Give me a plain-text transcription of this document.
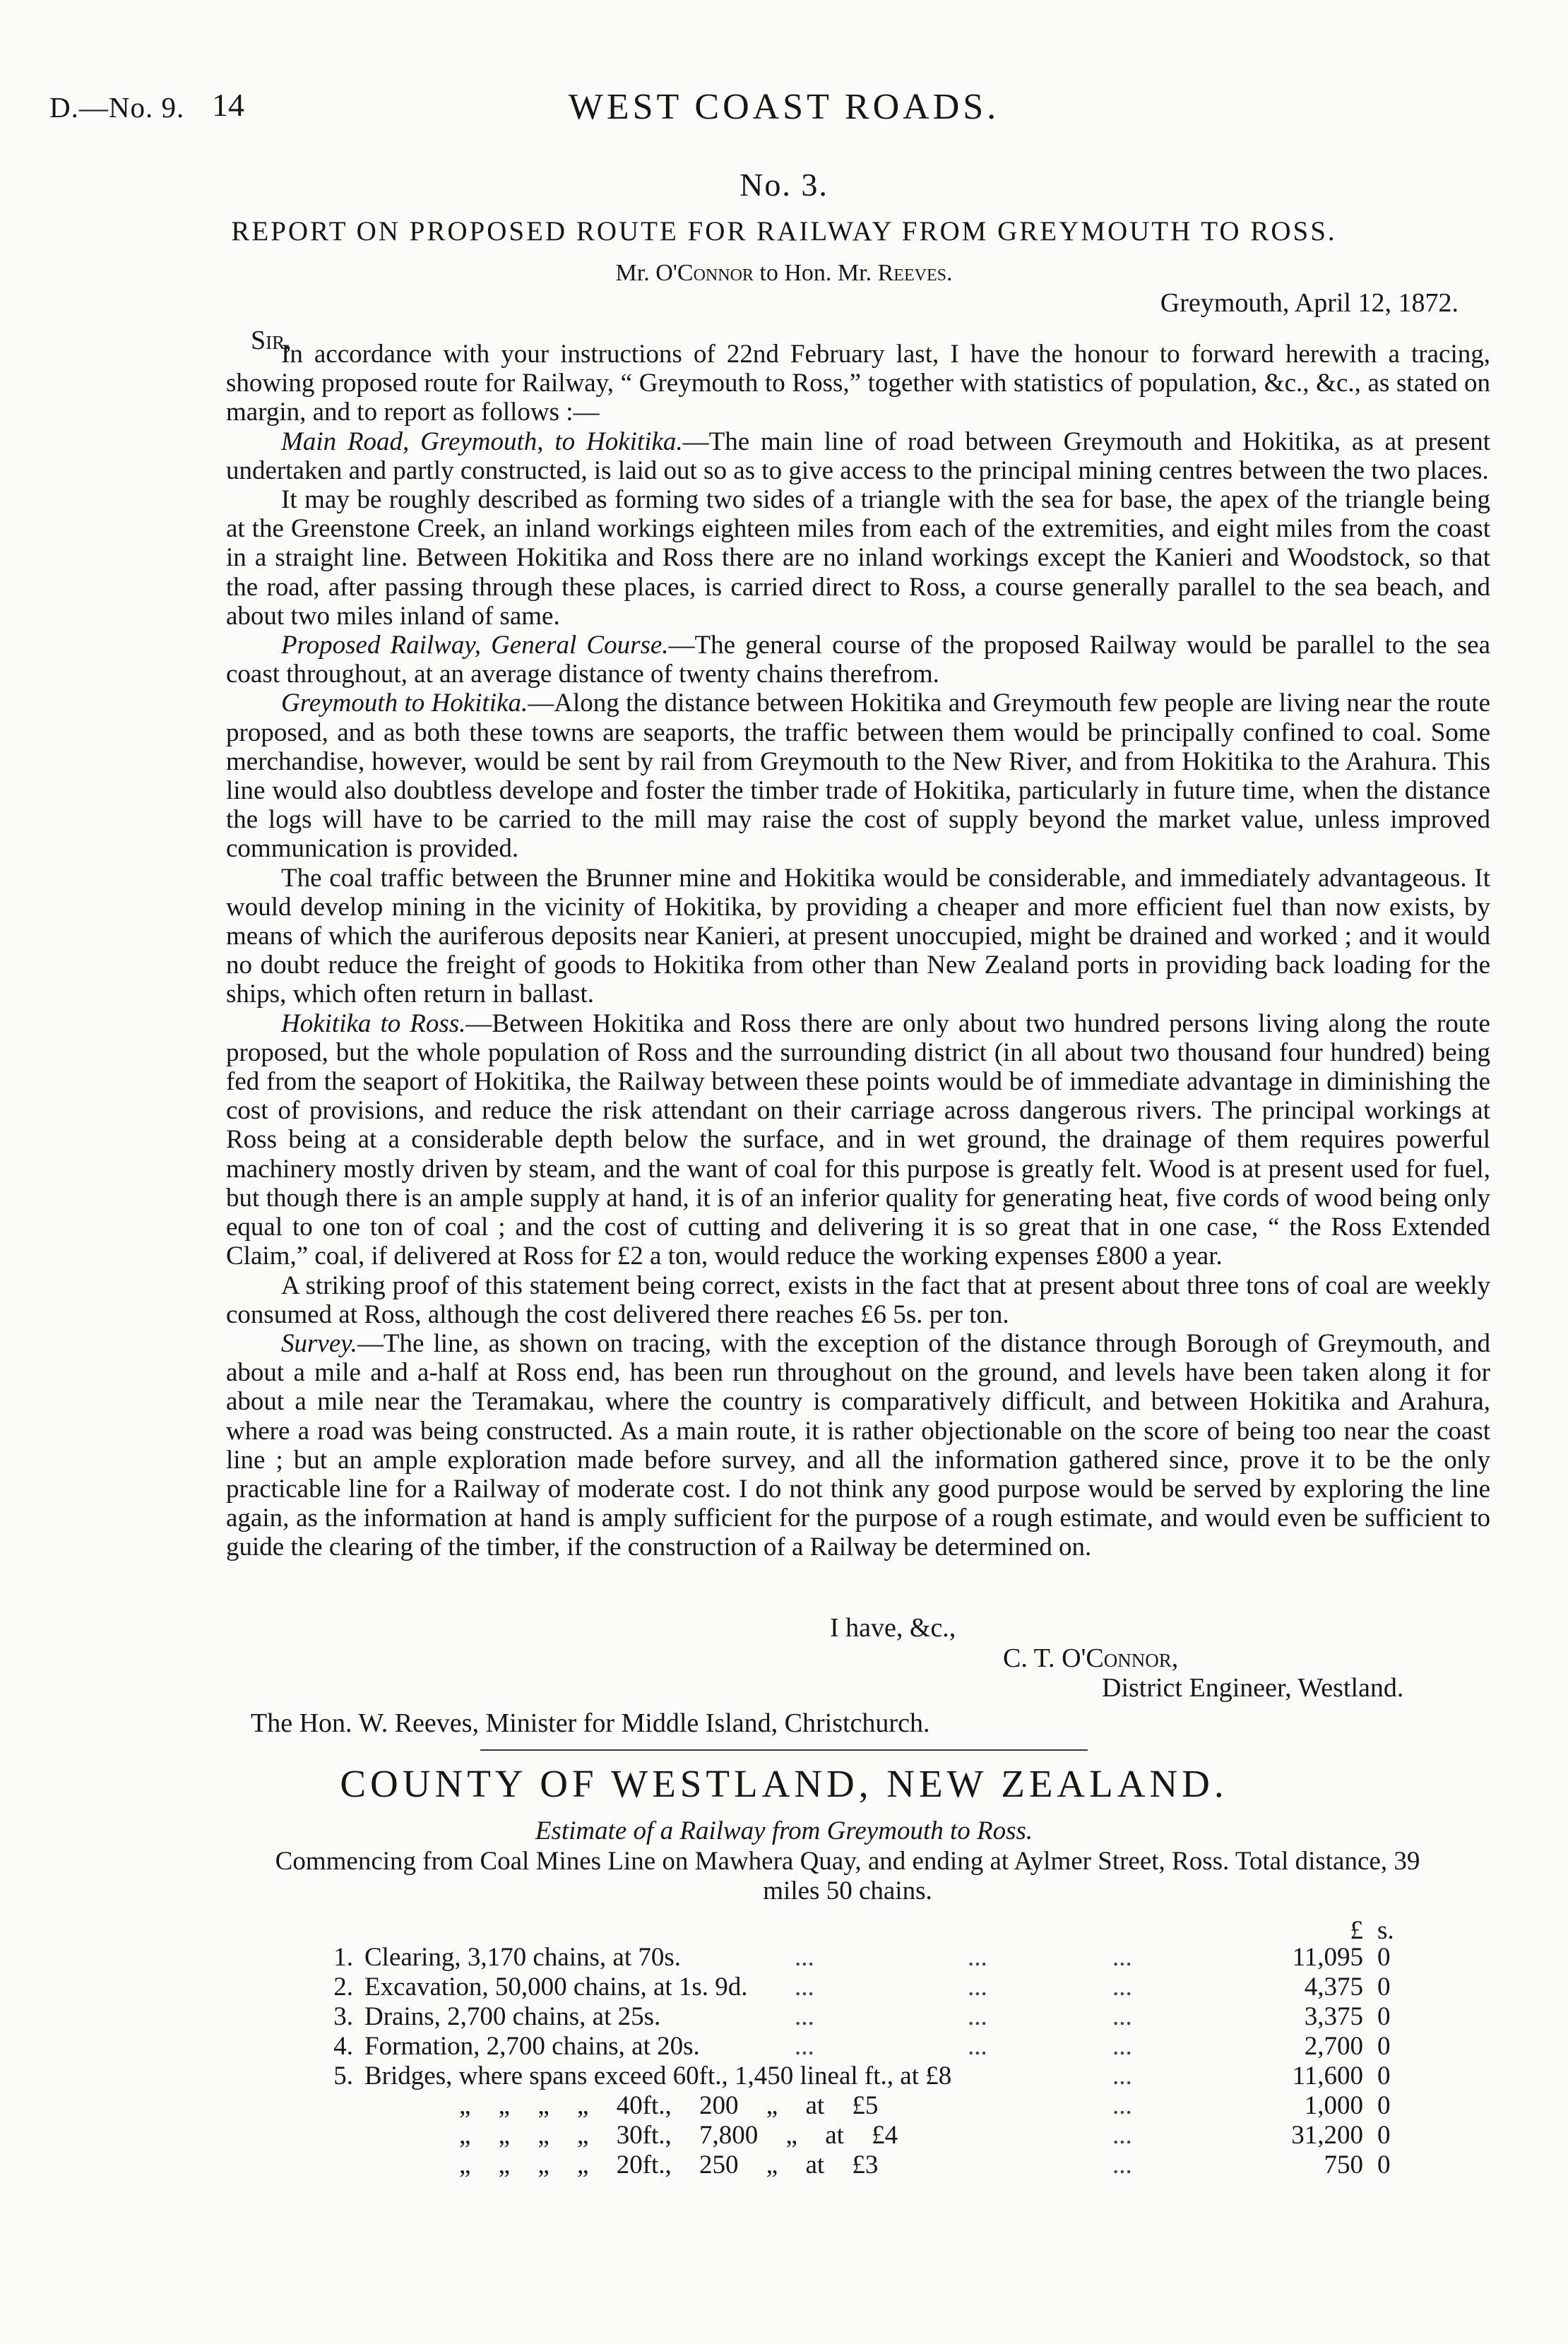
D.—No. 9. 14	WEST COAST ROADS.
No. 3.
REPORT ON PROPOSED ROUTE FOR RAILWAY FROM GREYMOUTH TO ROSS.
Mr. O'Connor to Hon. Mr. Reeves.
Greymouth, April 12, 1872.
Sir,

In accordance with your instructions of 22nd February last, I have the honour to forward herewith a tracing, showing proposed route for Railway, “ Greymouth to Ross,” together with statistics of population, &c., &c., as stated on margin, and to report as follows :—

Main Road, Greymouth, to Hokitika.—The main line of road between Greymouth and Hokitika, as at present undertaken and partly constructed, is laid out so as to give access to the principal mining centres between the two places.

It may be roughly described as forming two sides of a triangle with the sea for base, the apex of the triangle being at the Greenstone Creek, an inland workings eighteen miles from each of the extremities, and eight miles from the coast in a straight line. Between Hokitika and Ross there are no inland workings except the Kanieri and Woodstock, so that the road, after passing through these places, is carried direct to Ross, a course generally parallel to the sea beach, and about two miles inland of same.

Proposed Railway, General Course.—The general course of the proposed Railway would be parallel to the sea coast throughout, at an average distance of twenty chains therefrom.

Greymouth to Hokitika.—Along the distance between Hokitika and Greymouth few people are living near the route proposed, and as both these towns are seaports, the traffic between them would be principally confined to coal. Some merchandise, however, would be sent by rail from Greymouth to the New River, and from Hokitika to the Arahura. This line would also doubtless develope and foster the timber trade of Hokitika, particularly in future time, when the distance the logs will have to be carried to the mill may raise the cost of supply beyond the market value, unless improved communication is provided.

The coal traffic between the Brunner mine and Hokitika would be considerable, and immediately advantageous. It would develop mining in the vicinity of Hokitika, by providing a cheaper and more efficient fuel than now exists, by means of which the auriferous deposits near Kanieri, at present unoccupied, might be drained and worked ; and it would no doubt reduce the freight of goods to Hokitika from other than New Zealand ports in providing back loading for the ships, which often return in ballast.

Hokitika to Ross.—Between Hokitika and Ross there are only about two hundred persons living along the route proposed, but the whole population of Ross and the surrounding district (in all about two thousand four hundred) being fed from the seaport of Hokitika, the Railway between these points would be of immediate advantage in diminishing the cost of provisions, and reduce the risk attendant on their carriage across dangerous rivers. The principal workings at Ross being at a considerable depth below the surface, and in wet ground, the drainage of them requires powerful machinery mostly driven by steam, and the want of coal for this purpose is greatly felt. Wood is at present used for fuel, but though there is an ample supply at hand, it is of an inferior quality for generating heat, five cords of wood being only equal to one ton of coal ; and the cost of cutting and delivering it is so great that in one case, “ the Ross Extended Claim,” coal, if delivered at Ross for £2 a ton, would reduce the working expenses £800 a year.

A striking proof of this statement being correct, exists in the fact that at present about three tons of coal are weekly consumed at Ross, although the cost delivered there reaches £6 5s. per ton.

Survey.—The line, as shown on tracing, with the exception of the distance through Borough of Greymouth, and about a mile and a-half at Ross end, has been run throughout on the ground, and levels have been taken along it for about a mile near the Teramakau, where the country is comparatively difficult, and between Hokitika and Arahura, where a road was being constructed. As a main route, it is rather objectionable on the score of being too near the coast line ; but an ample exploration made before survey, and all the information gathered since, prove it to be the only practicable line for a Railway of moderate cost. I do not think any good purpose would be served by exploring the line again, as the information at hand is amply sufficient for the purpose of a rough estimate, and would even be sufficient to guide the clearing of the timber, if the construction of a Railway be determined on.

I have, &c.,
C. T. O'Connor,
District Engineer, Westland.
The Hon. W. Reeves, Minister for Middle Island, Christchurch.
COUNTY OF WESTLAND, NEW ZEALAND.
Estimate of a Railway from Greymouth to Ross.
Commencing from Coal Mines Line on Mawhera Quay, and ending at Aylmer Street, Ross. Total distance, 39 miles 50 chains.
£ s.
1. Clearing, 3,170 chains, at 70s.	...	...	...	11,095 0
2. Excavation, 50,000 chains, at 1s. 9d. ...	...	...	4,375 0
3. Drains, 2,700 chains, at 25s.	...	...	...	3,375 0
4. Formation, 2,700 chains, at 20s.	...	...	...	2,700 0
5. Bridges, where spans exceed 60ft., 1,450 lineal ft., at £8	...	11,600 0
„ „ „ „ 40ft., 200 „ at £5	...	1,000 0
„ „ „ „ 30ft., 7,800 „ at £4	...	31,200 0
„ „ „ „ 20ft., 250 „ at £3	...	750 0
